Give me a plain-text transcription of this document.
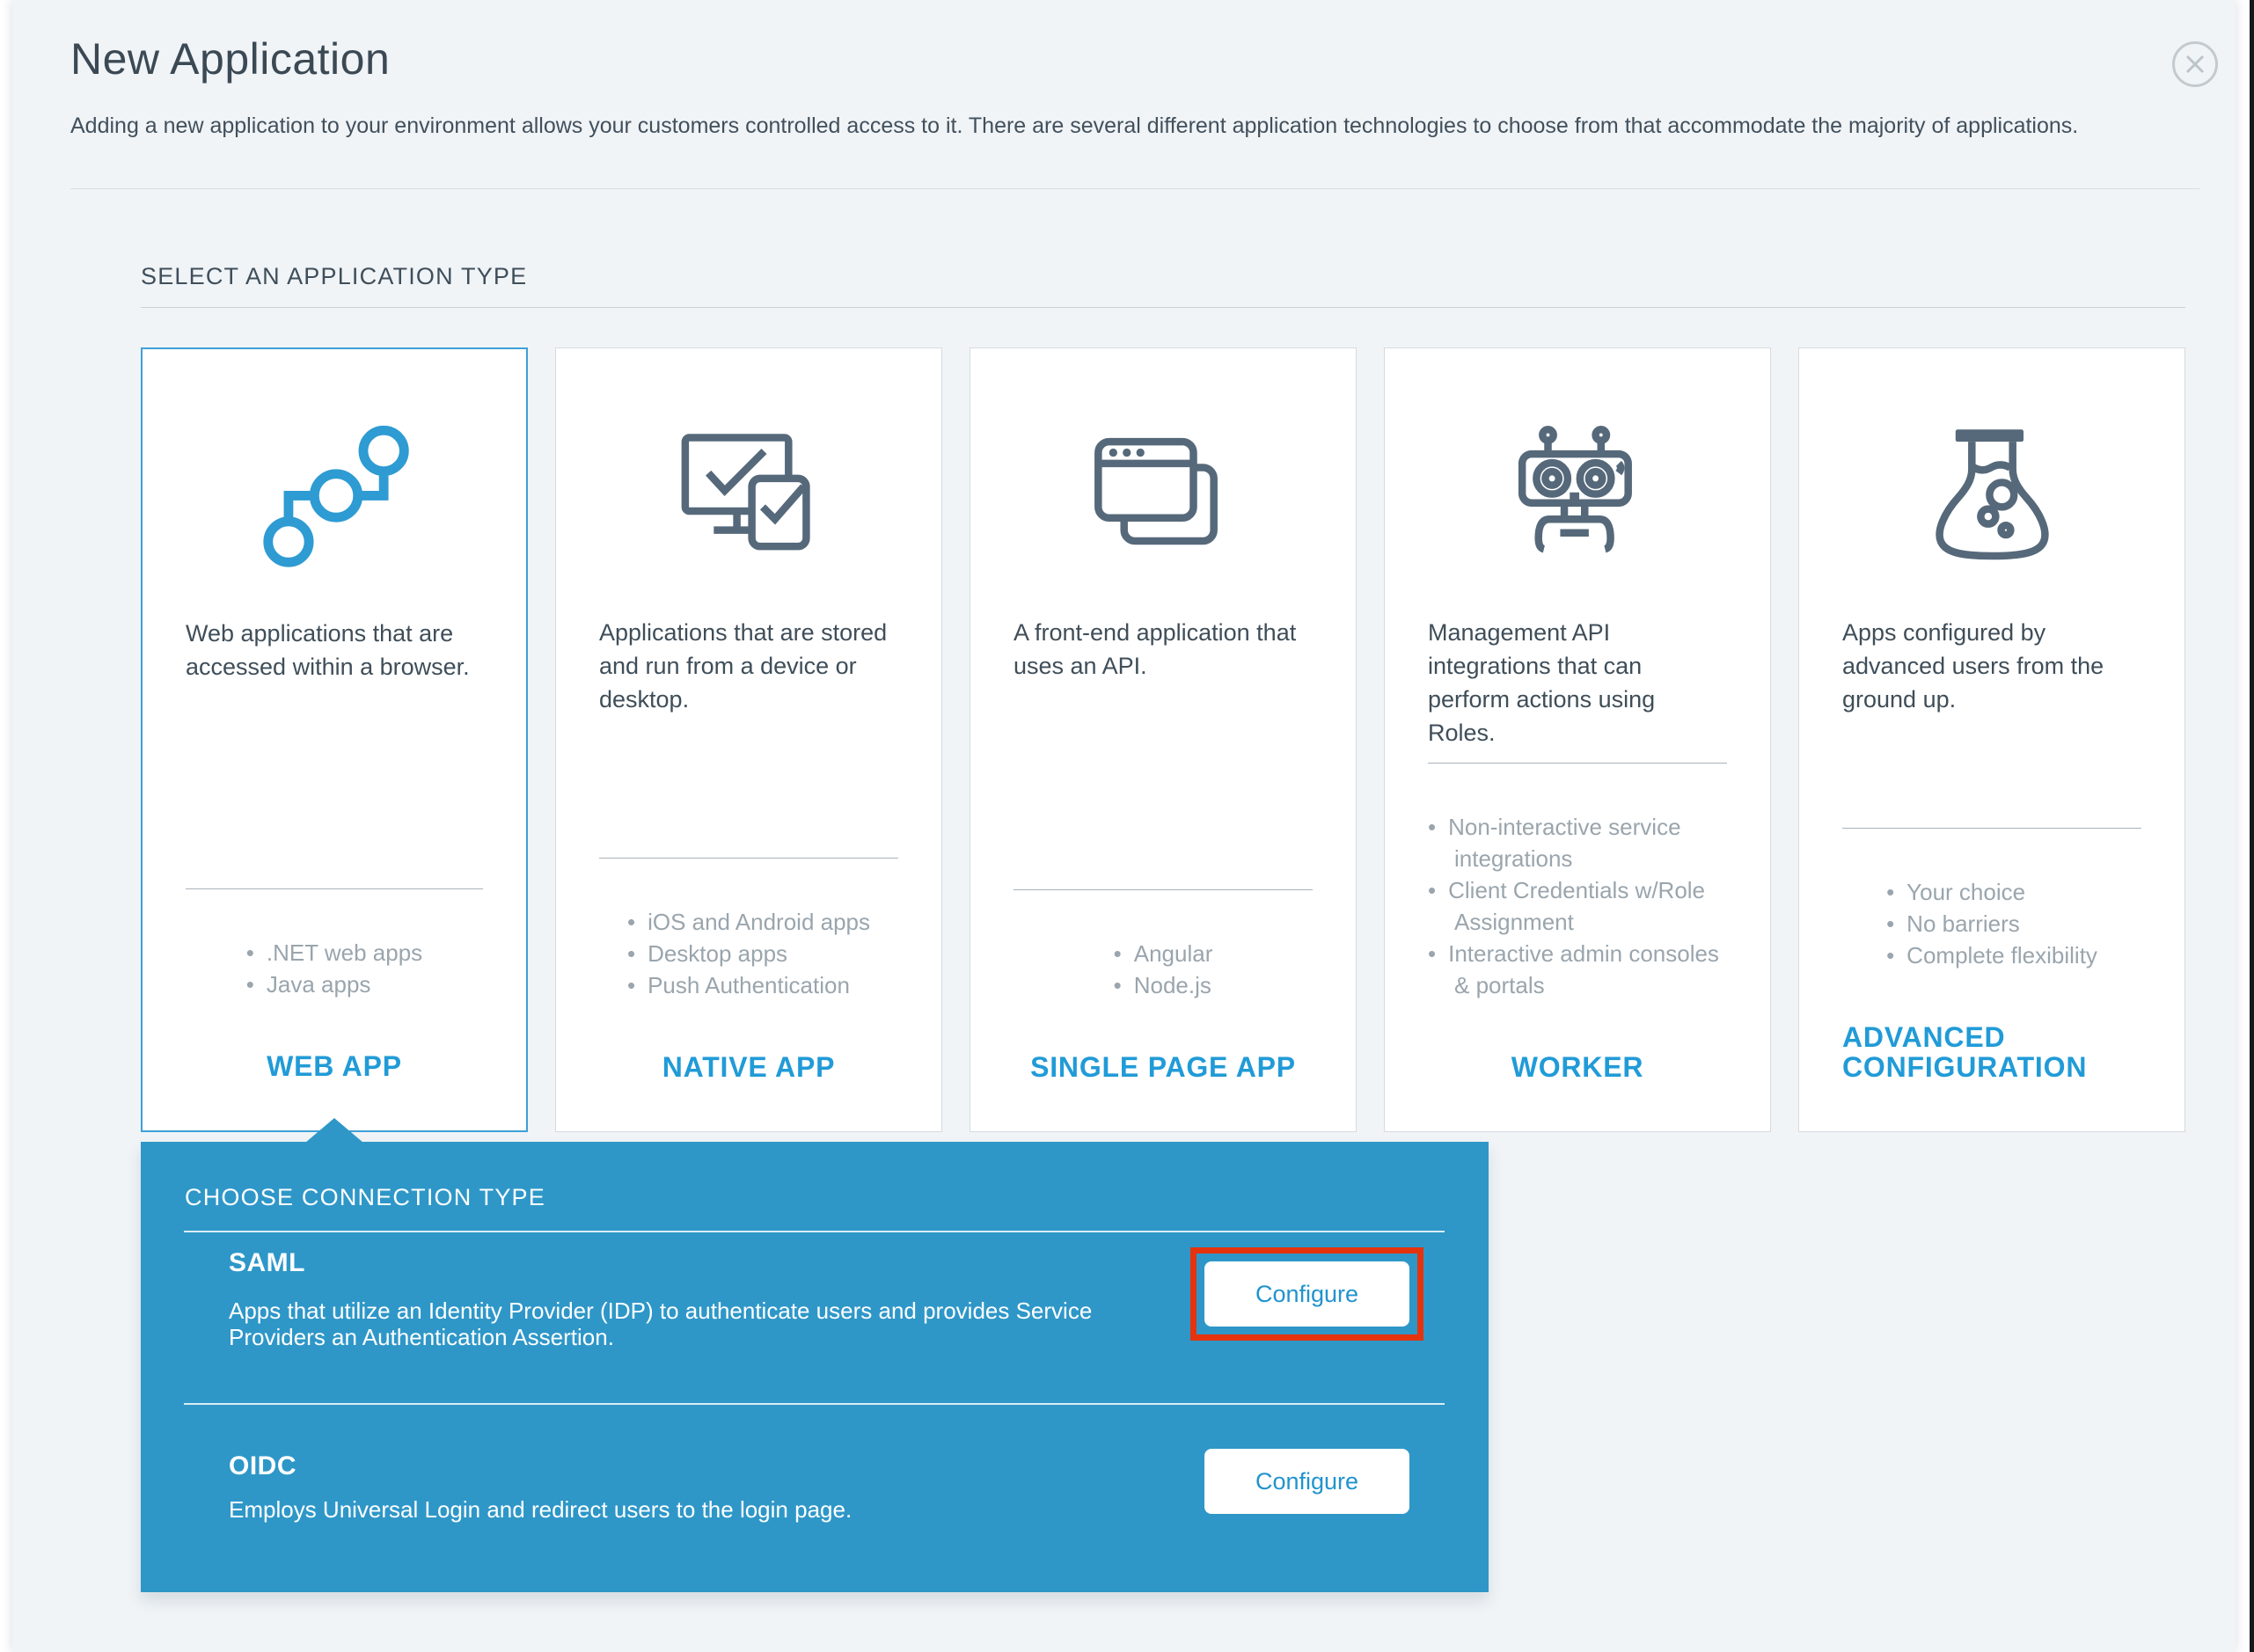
New Application
Adding a new application to your environment allows your customers controlled access to it. There are several different application technologies to choose from that accommodate the majority of applications.
SELECT AN APPLICATION TYPE
Web applications that are accessed within a browser.
• .NET web apps
• Java apps
WEB APP
Applications that are stored and run from a device or desktop.
• iOS and Android apps
• Desktop apps
• Push Authentication
NATIVE APP
A front-end application that uses an API.
• Angular
• Node.js
SINGLE PAGE APP
Management API integrations that can perform actions using Roles.
• Non-interactive service integrations
• Client Credentials w/Role Assignment
• Interactive admin consoles & portals
WORKER
Apps configured by advanced users from the ground up.
• Your choice
• No barriers
• Complete flexibility
ADVANCED CONFIGURATION
CHOOSE CONNECTION TYPE
SAML
Apps that utilize an Identity Provider (IDP) to authenticate users and provides Service Providers an Authentication Assertion.
Configure
OIDC
Employs Universal Login and redirect users to the login page.
Configure
